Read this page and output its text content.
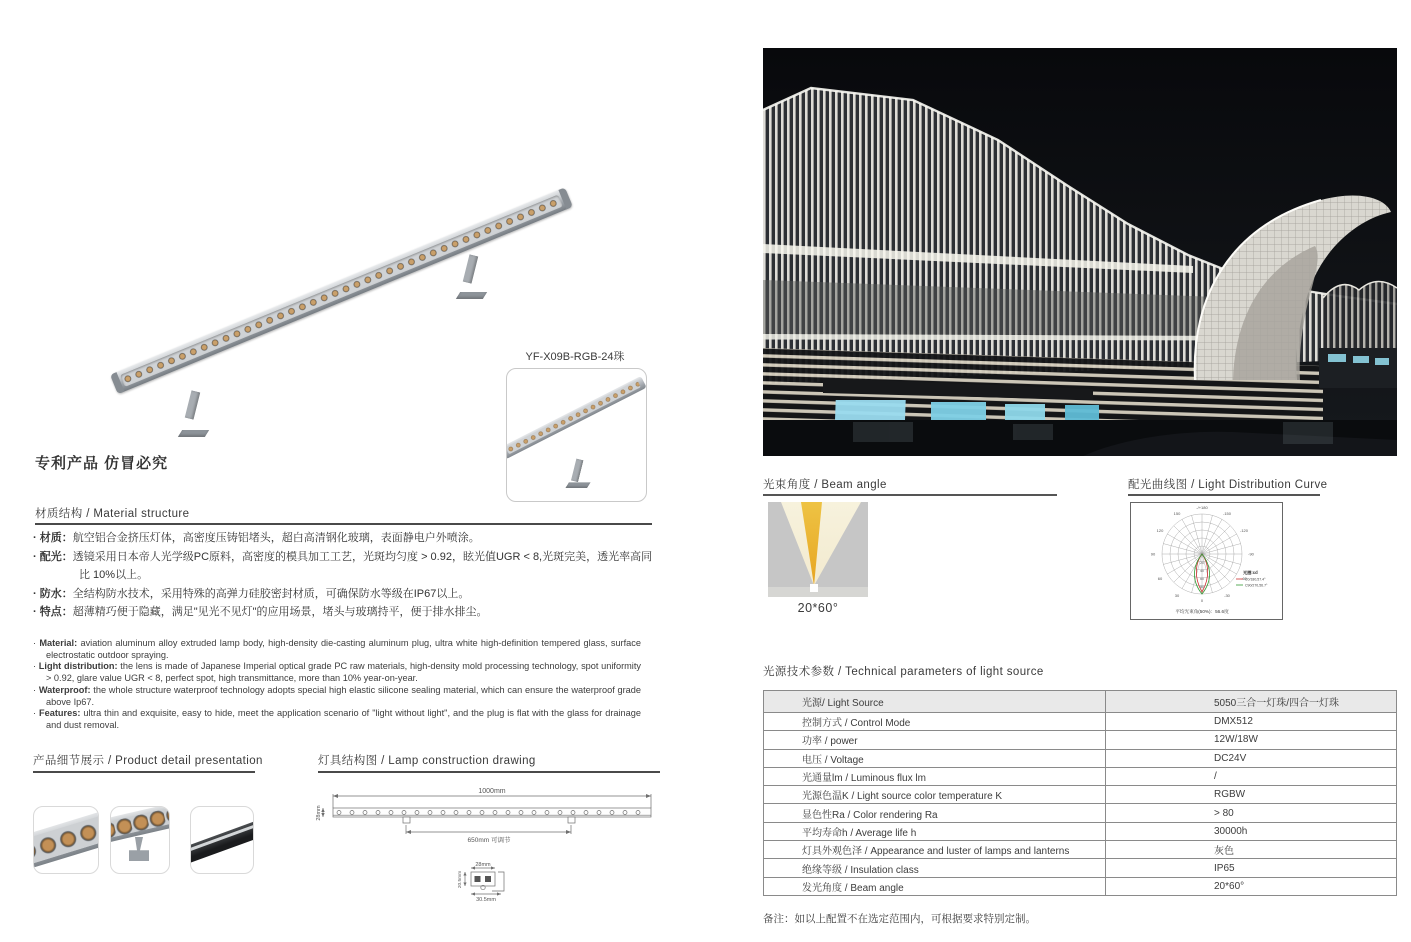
YF-X09B-RGB-24珠
专利产品 仿冒必究
材质结构 / Material structure
· 材质：航空铝合金挤压灯体，高密度压铸铝堵头，超白高清钢化玻璃，表面静电户外喷涂。
· 配光：透镜采用日本帝人光学级PC原料，高密度的模具加工工艺，光斑均匀度 > 0.92，眩光值UGR < 8,光斑完美，透光率高同比 10%以上。
· 防水：全结构防水技术，采用特殊的高弹力硅胶密封材质，可确保防水等级在IP67以上。
· 特点：超薄精巧便于隐藏，满足"见光不见灯"的应用场景，堵头与玻璃持平，便于排水排尘。
· Material: aviation aluminum alloy extruded lamp body, high-density die-casting aluminum plug, ultra white high-definition tempered glass, surface electrostatic outdoor spraying.
· Light distribution: the lens is made of Japanese Imperial optical grade PC raw materials, high-density mold processing technology, spot uniformity > 0.92, glare value UGR < 8, perfect spot, high transmittance, more than 10% year-on-year.
· Waterproof: the whole structure waterproof technology adopts special high elastic silicone sealing material, which can ensure the waterproof grade above Ip67.
· Features: ultra thin and exquisite, easy to hide, meet the application scenario of "light without light", and the plug is flat with the glass for drainage and dust removal.
产品细节展示 / Product detail presentation	灯具结构图 / Lamp construction drawing
1000mm
28mm
650mm 可调节
28mm
20.5mm
30.5mm
光束角度 / Beam angle
20*60°
配光曲线图 / Light Distribution Curve
-/+180
-150
150
-120
120
-90
90
-60
60
-30
30
0
20
40
60
80
光圈:cd
C0/180,57.4°
C90/270,56.7°
平均光束角(50%)：56.6度
光源技术参数 / Technical parameters of light source
光源/ Light Source	5050三合一灯珠/四合一灯珠
控制方式 / Control Mode	DMX512
功率 / power	12W/18W
电压 / Voltage	DC24V
光通量lm / Luminous flux lm	/
光源色温K / Light source color temperature K	RGBW
显色性Ra / Color rendering Ra	> 80
平均寿命h / Average life h	30000h
灯具外观色泽 / Appearance and luster of lamps and lanterns	灰色
绝缘等级 / Insulation class	IP65
发光角度 / Beam angle	20*60°
备注：如以上配置不在选定范围内，可根据要求特别定制。
